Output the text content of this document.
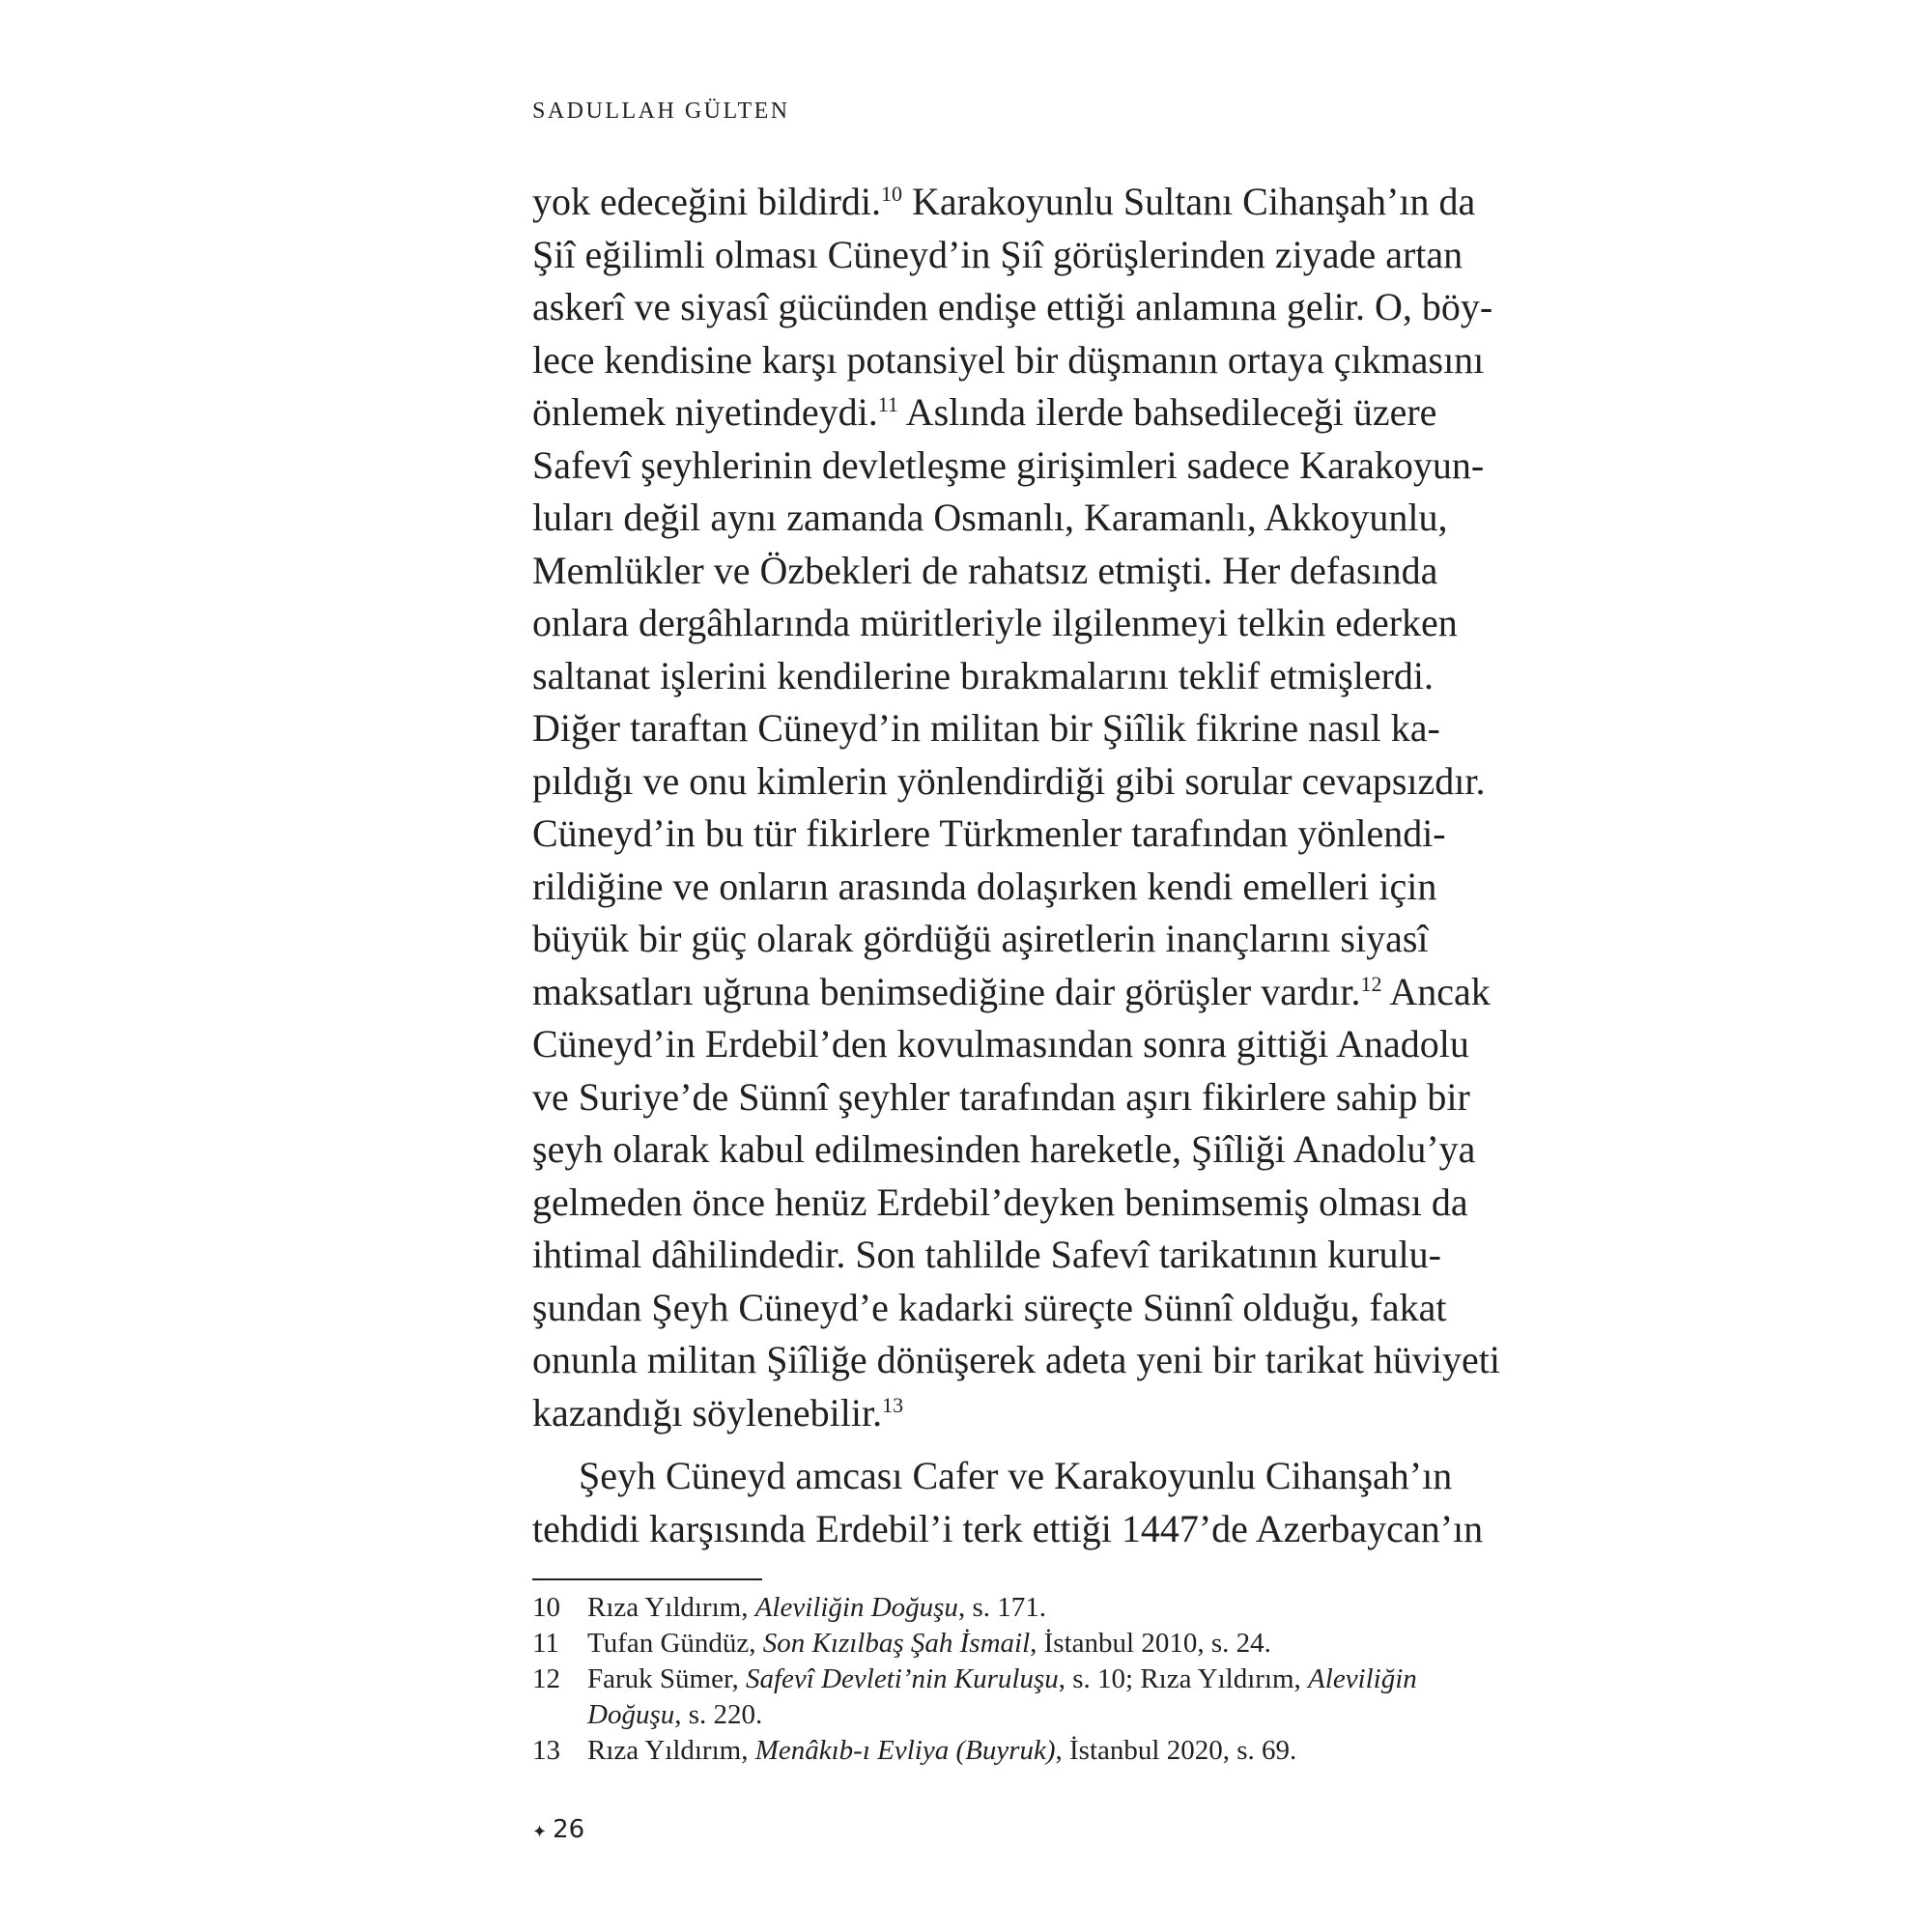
SADULLAH GÜLTEN
yok edeceğini bildirdi.$^{10}$ Karakoyunlu Sultanı Cihanşah’ın da
Şiî eğilimli olması Cüneyd’in Şiî görüşlerinden ziyade artan
askerî ve siyasî gücünden endişe ettiği anlamına gelir. O, böy-
lece kendisine karşı potansiyel bir düşmanın ortaya çıkmasını
önlemek niyetindeydi.$^{11}$ Aslında ilerde bahsedileceği üzere
Safevî şeyhlerinin devletleşme girişimleri sadece Karakoyun-
luları değil aynı zamanda Osmanlı, Karamanlı, Akkoyunlu,
Memlükler ve Özbekleri de rahatsız etmişti. Her defasında
onlara dergâhlarında müritleriyle ilgilenmeyi telkin ederken
saltanat işlerini kendilerine bırakmalarını teklif etmişlerdi.
Diğer taraftan Cüneyd’in militan bir Şiîlik fikrine nasıl ka-
pıldığı ve onu kimlerin yönlendirdiği gibi sorular cevapsızdır.
Cüneyd’in bu tür fikirlere Türkmenler tarafından yönlendi-
rildiğine ve onların arasında dolaşırken kendi emelleri için
büyük bir güç olarak gördüğü aşiretlerin inançlarını siyasî
maksatları uğruna benimsediğine dair görüşler vardır.$^{12}$ Ancak
Cüneyd’in Erdebil’den kovulmasından sonra gittiği Anadolu
ve Suriye’de Sünnî şeyhler tarafından aşırı fikirlere sahip bir
şeyh olarak kabul edilmesinden hareketle, Şiîliği Anadolu’ya
gelmeden önce henüz Erdebil’deyken benimsemiş olması da
ihtimal dâhilindedir. Son tahlilde Safevî tarikatının kurulu-
şundan Şeyh Cüneyd’e kadarki süreçte Sünnî olduğu, fakat
onunla militan Şiîliğe dönüşerek adeta yeni bir tarikat hüviyeti
kazandığı söylenebilir.$^{13}$
Şeyh Cüneyd amcası Cafer ve Karakoyunlu Cihanşah’ın
tehdidi karşısında Erdebil’i terk ettiği 1447’de Azerbaycan’ın
10 Rıza Yıldırım, Aleviliğin Doğuşu, s. 171.
11	Tufan Gündüz, Son Kızılbaş Şah İsmail, İstanbul 2010, s. 24.
12 Faruk Sümer, Safevî Devleti’nin Kuruluşu, s. 10; Rıza Yıldırım, Aleviliğin
Doğuşu, s. 220.
13 Rıza Yıldırım, Menâkıb-ı Evliya (Buyruk), İstanbul 2020, s. 69.
✦ 26
